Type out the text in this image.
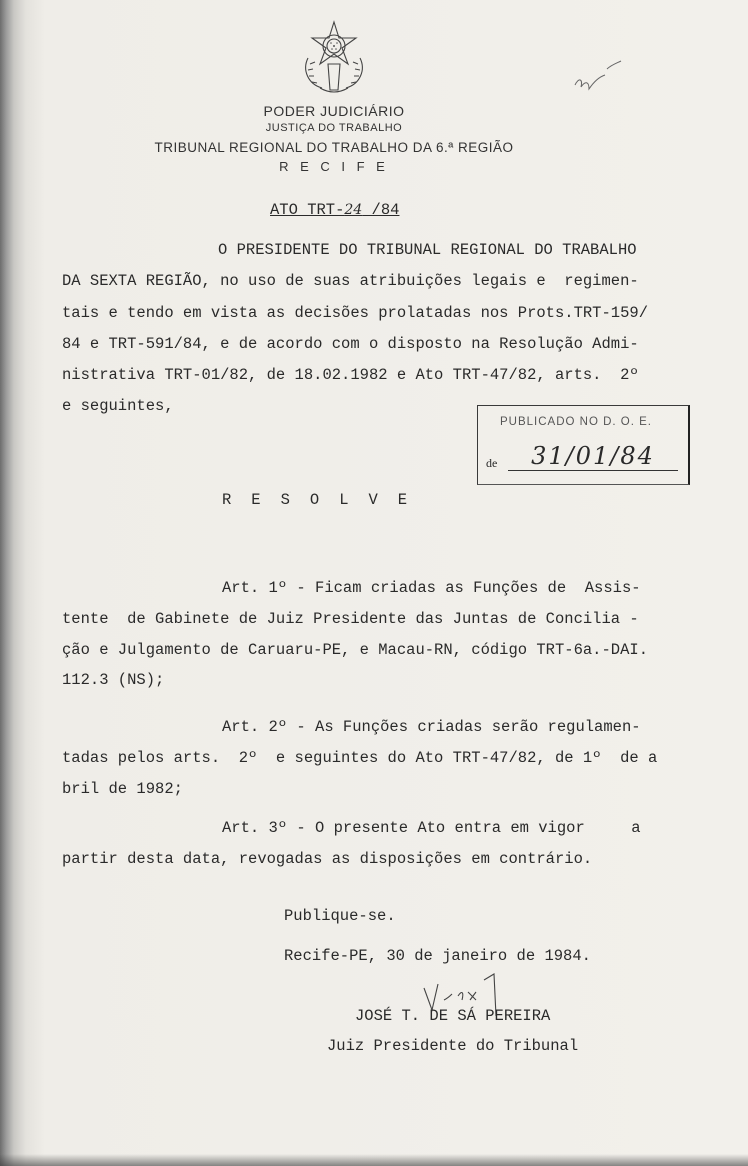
PODER JUDICIÁRIO
JUSTIÇA DO TRABALHO
TRIBUNAL REGIONAL DO TRABALHO DA 6.ª REGIÃO
R E C I F E
ATO TRT-24 /84
O PRESIDENTE DO TRIBUNAL REGIONAL DO TRABALHO
DA SEXTA REGIÃO, no uso de suas atribuições legais e  regimen-
tais e tendo em vista as decisões prolatadas nos Prots.TRT-159/
84 e TRT-591/84, e de acordo com o disposto na Resolução Admi-
nistrativa TRT-01/82, de 18.02.1982 e Ato TRT-47/82, arts.  2º
e seguintes,
PUBLICADO NO D. O. E.
de	31/01/84
RESOLVE
Art. 1º - Ficam criadas as Funções de  Assis-
tente  de Gabinete de Juiz Presidente das Juntas de Concilia -
ção e Julgamento de Caruaru-PE, e Macau-RN, código TRT-6a.-DAI.
112.3 (NS);
Art. 2º - As Funções criadas serão regulamen-
tadas pelos arts.  2º  e seguintes do Ato TRT-47/82, de 1º  de a
bril de 1982;
Art. 3º - O presente Ato entra em vigor     a
partir desta data, revogadas as disposições em contrário.
Publique-se.
Recife-PE, 30 de janeiro de 1984.
JOSÉ T. DE SÁ PEREIRA
Juiz Presidente do Tribunal
